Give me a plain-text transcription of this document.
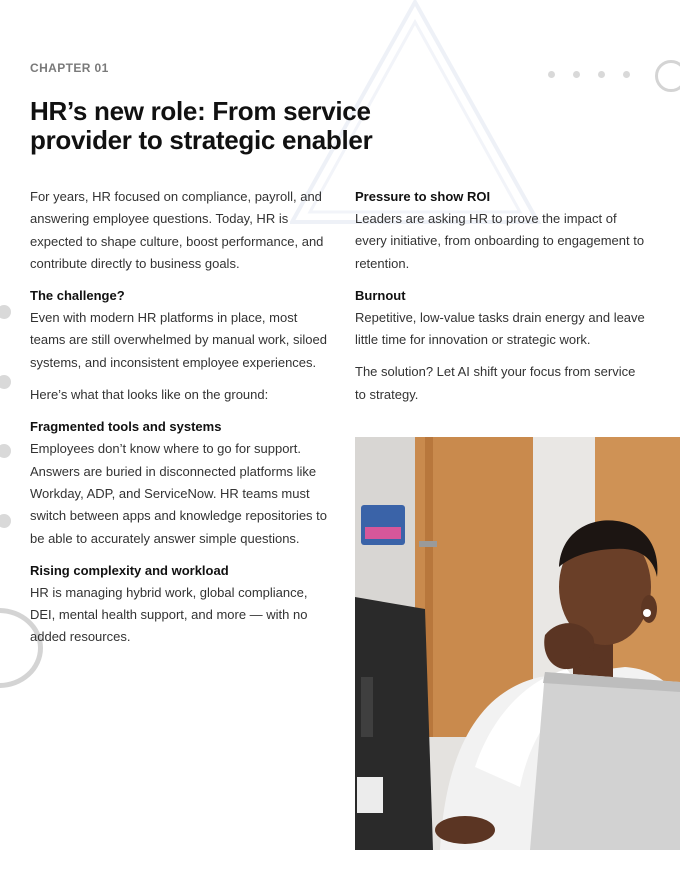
CHAPTER 01

HR’s new role: From service provider to strategic enabler

For years, HR focused on compliance, payroll, and answering employee questions. Today, HR is expected to shape culture, boost performance, and contribute directly to business goals.

The challenge?

Even with modern HR platforms in place, most teams are still overwhelmed by manual work, siloed systems, and inconsistent employee experiences.

Here’s what that looks like on the ground:

Fragmented tools and systems

Employees don’t know where to go for support. Answers are buried in disconnected platforms like Workday, ADP, and ServiceNow. HR teams must switch between apps and knowledge repositories to be able to accurately answer simple questions.

Rising complexity and workload

HR is managing hybrid work, global compliance, DEI, mental health support, and more — with no added resources.

Pressure to show ROI

Leaders are asking HR to prove the impact of every initiative, from onboarding to engagement to retention.

Burnout

Repetitive, low-value tasks drain energy and leave little time for innovation or strategic work.

The solution? Let AI shift your focus from service to strategy.
